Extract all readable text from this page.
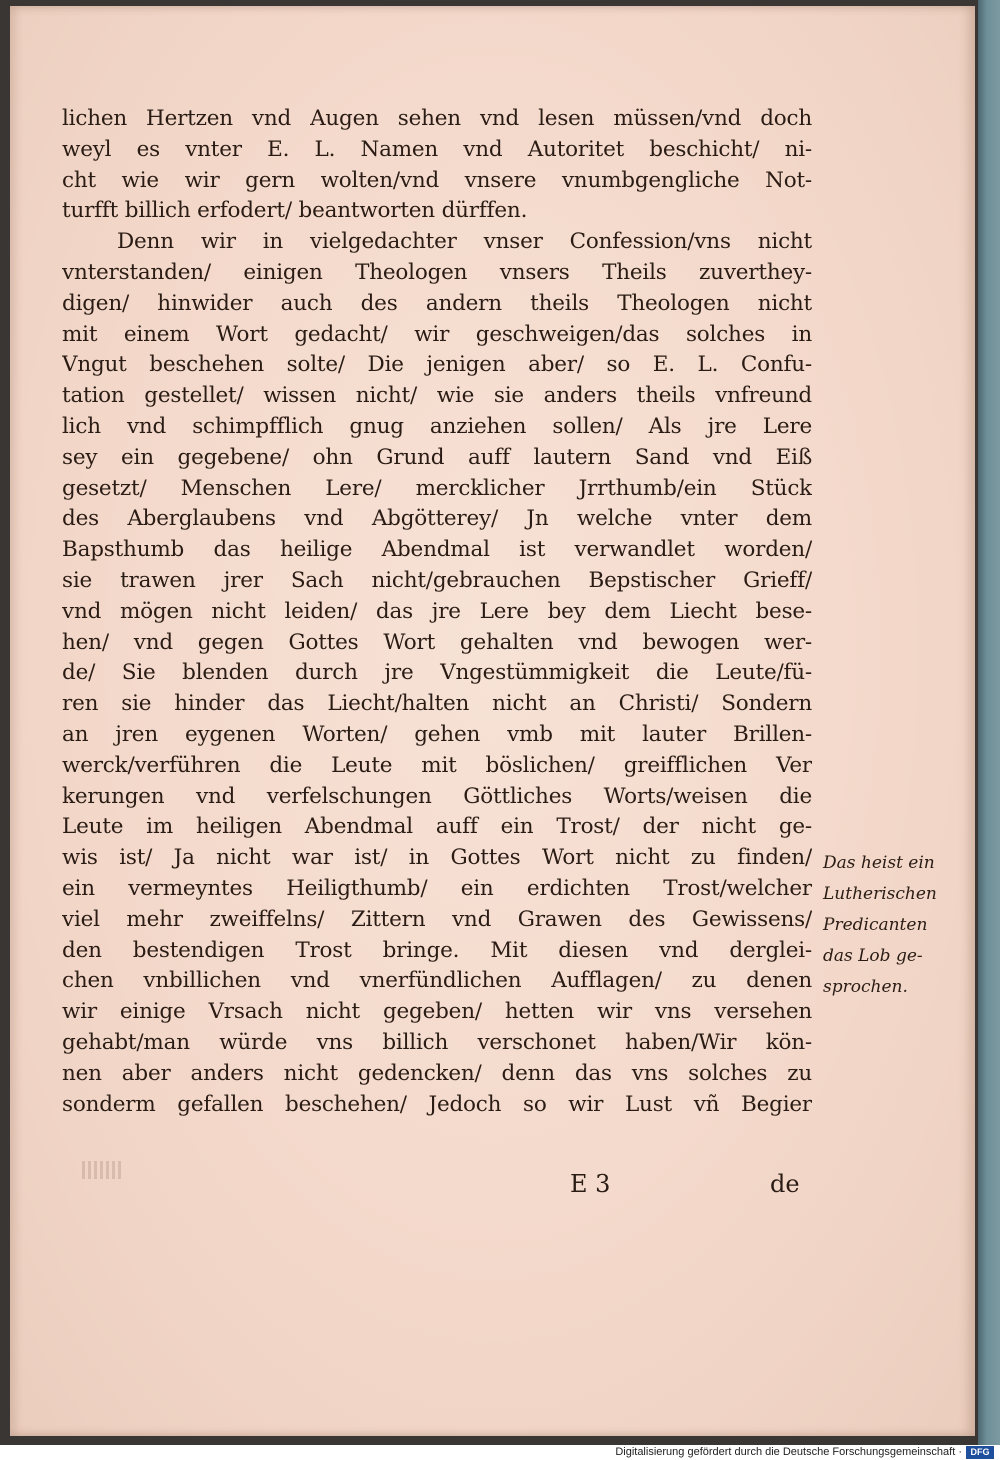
lichen Hertzen vnd Augen sehen vnd lesen müssen/vnd doch
weyl es vnter E. L. Namen vnd Autoritet beschicht/ ni-
cht wie wir gern wolten/vnd vnsere vnumbgengliche Not-
turfft billich erfodert/ beantworten dürffen.
Denn wir in vielgedachter vnser Confession/vns nicht
vnterstanden/ einigen Theologen vnsers Theils zuverthey-
digen/ hinwider auch des andern theils Theologen nicht
mit einem Wort gedacht/ wir geschweigen/das solches in
Vngut beschehen solte/ Die jenigen aber/ so E. L. Confu-
tation gestellet/ wissen nicht/ wie sie anders theils vnfreund
lich vnd schimpfflich gnug anziehen sollen/ Als jre Lere
sey ein gegebene/ ohn Grund auff lautern Sand vnd Eiß
gesetzt/ Menschen Lere/ mercklicher Jrrthumb/ein Stück
des Aberglaubens vnd Abgötterey/ Jn welche vnter dem
Bapsthumb das heilige Abendmal ist verwandlet worden/
sie trawen jrer Sach nicht/gebrauchen Bepstischer Grieff/
vnd mögen nicht leiden/ das jre Lere bey dem Liecht bese-
hen/ vnd gegen Gottes Wort gehalten vnd bewogen wer-
de/ Sie blenden durch jre Vngestümmigkeit die Leute/fü-
ren sie hinder das Liecht/halten nicht an Christi/ Sondern
an jren eygenen Worten/ gehen vmb mit lauter Brillen-
werck/verführen die Leute mit böslichen/ greifflichen Ver
kerungen vnd verfelschungen Göttliches Worts/weisen die
Leute im heiligen Abendmal auff ein Trost/ der nicht ge-
wis ist/ Ja nicht war ist/ in Gottes Wort nicht zu finden/
ein vermeyntes Heiligthumb/ ein erdichten Trost/welcher
viel mehr zweiffelns/ Zittern vnd Grawen des Gewissens/
den bestendigen Trost bringe. Mit diesen vnd derglei-
chen vnbillichen vnd vnerfündlichen Aufflagen/ zu denen
wir einige Vrsach nicht gegeben/ hetten wir vns versehen
gehabt/man würde vns billich verschonet haben/Wir kön-
nen aber anders nicht gedencken/ denn das vns solches zu
sonderm gefallen beschehen/ Jedoch so wir Lust vñ Begier
E 3	de
Das heist ein
Lutherischen
Predicanten
das Lob ge-
sprochen.
Digitalisierung gefördert durch die Deutsche Forschungsgemeinschaft · DFG
